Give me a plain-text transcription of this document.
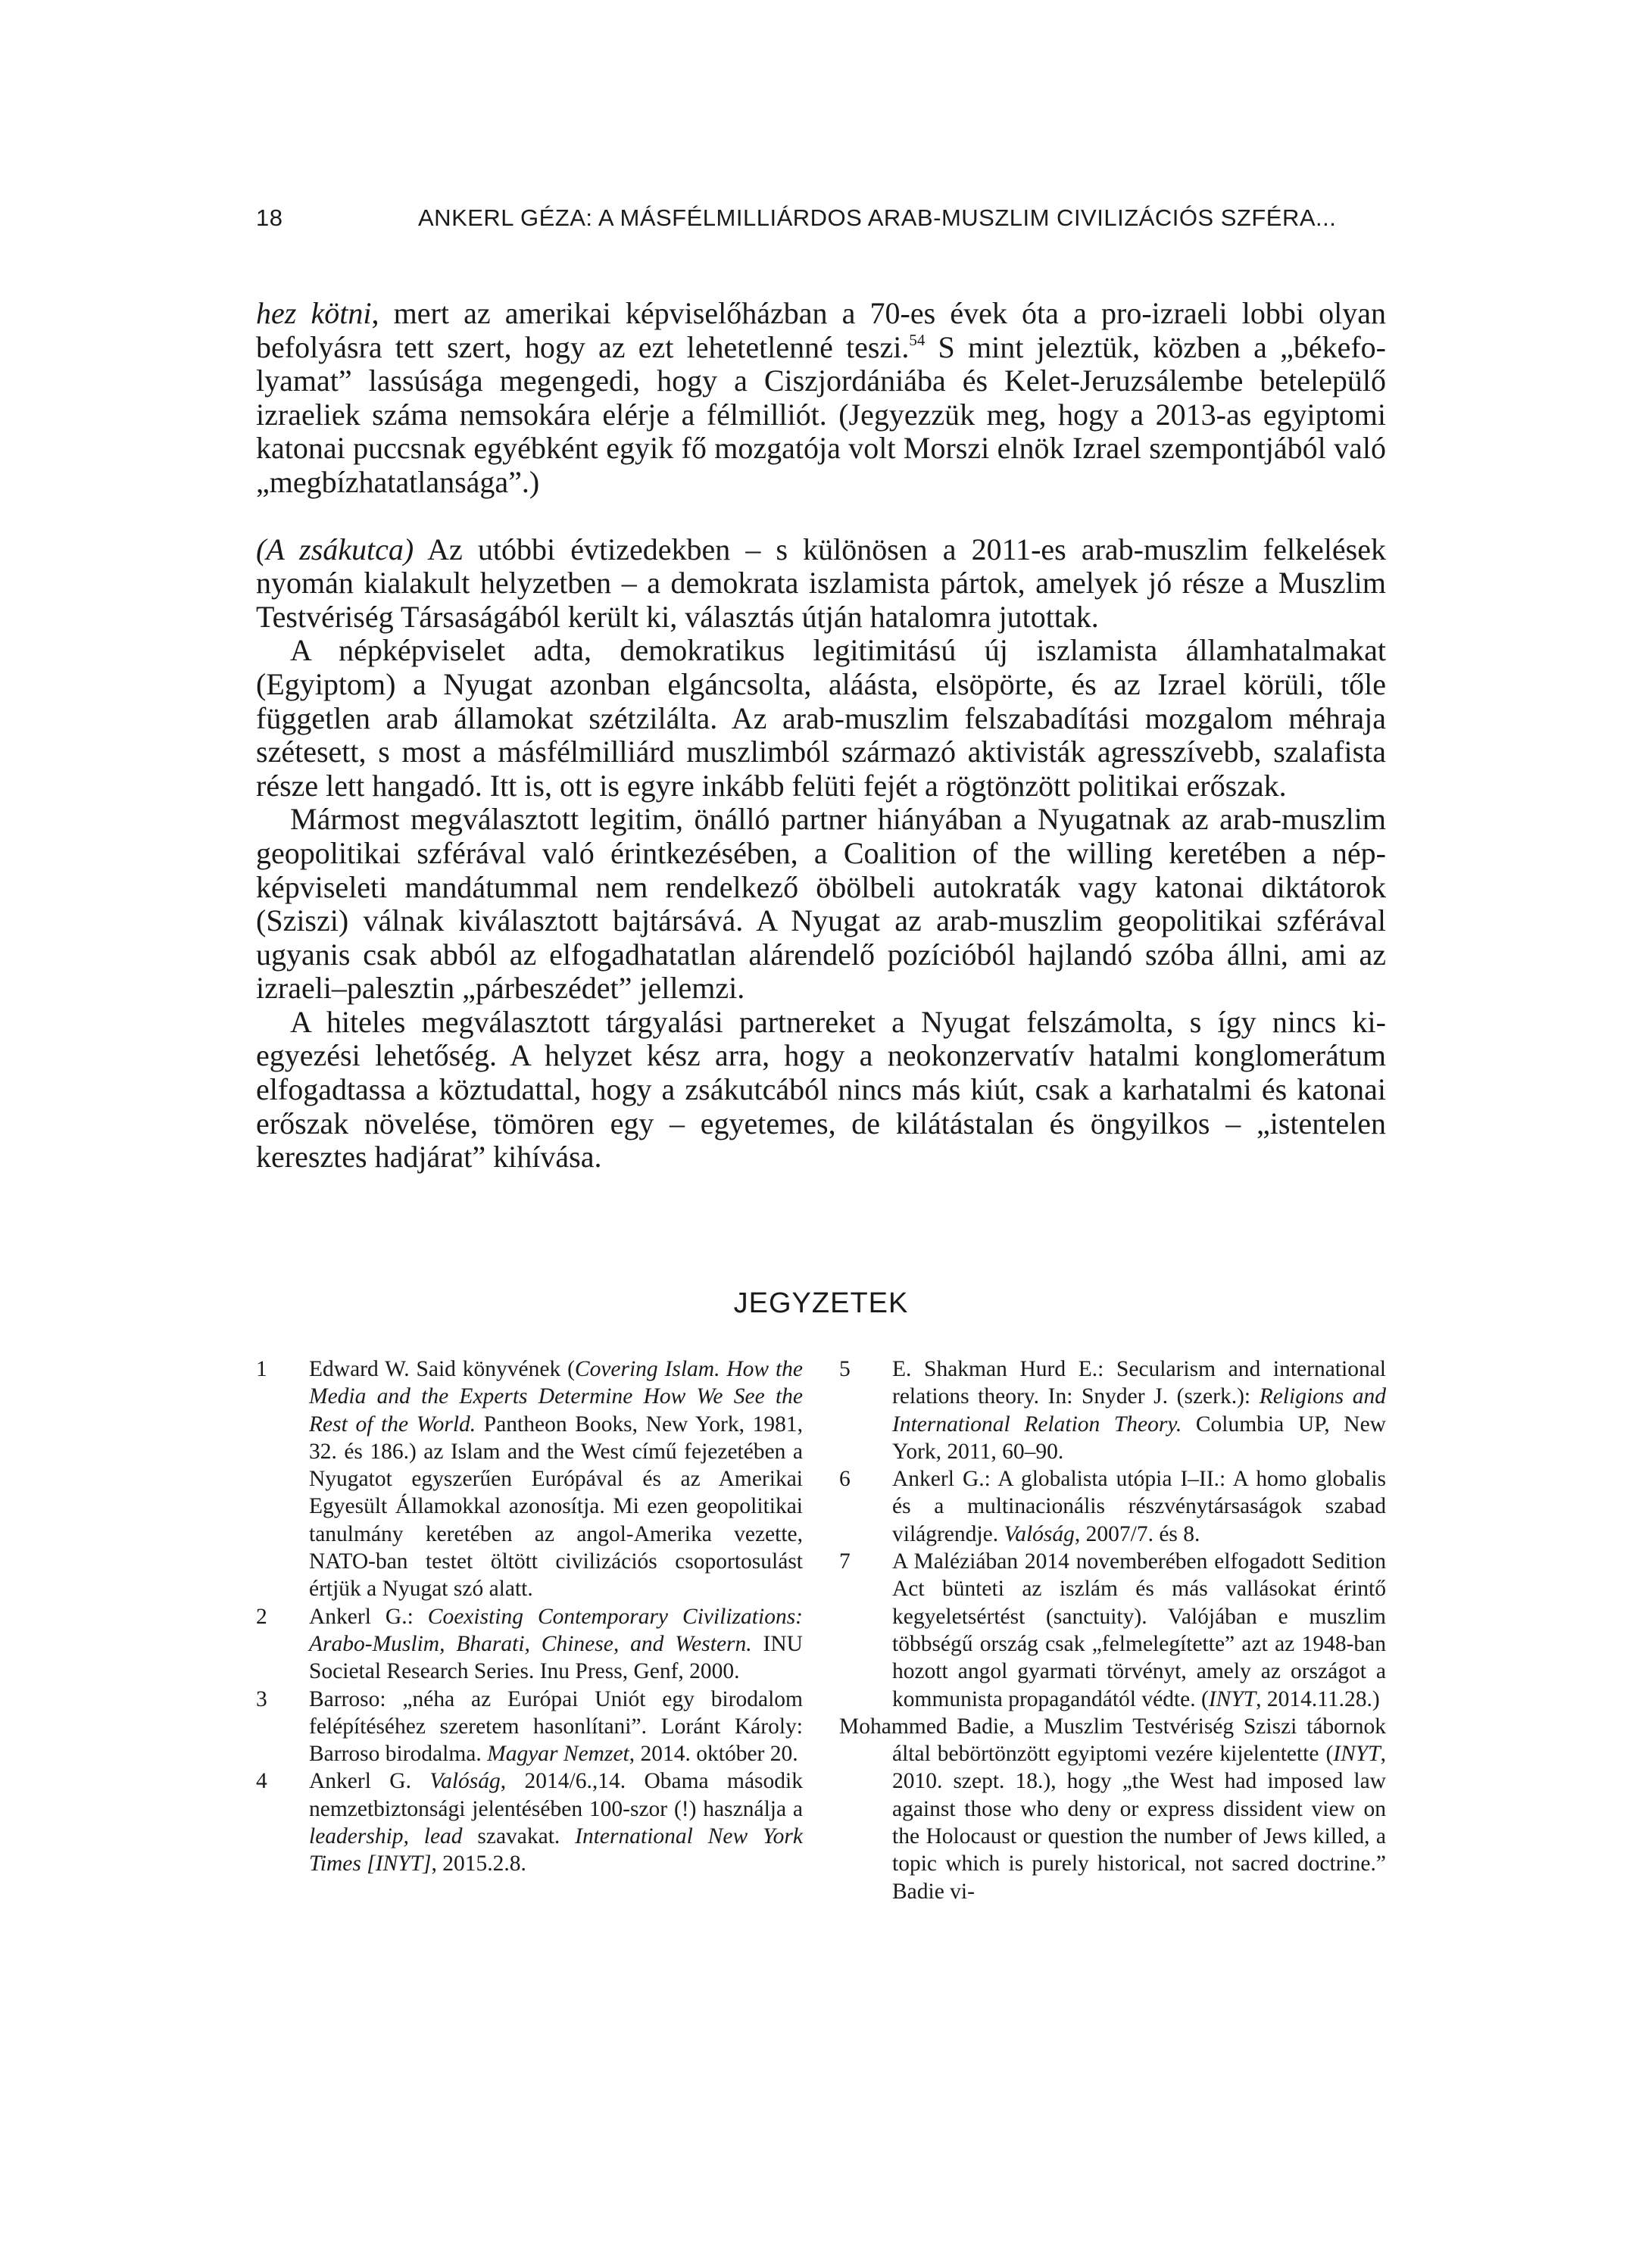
18	ANKERL GÉZA: A MÁSFÉLMILLIÁRDOS ARAB-MUSZLIM CIVILIZÁCIÓS SZFÉRA...

hez kötni, mert az amerikai képviselőházban a 70-es évek óta a pro-izraeli lobbi olyan befolyásra tett szert, hogy az ezt lehetetlenné teszi.$^{54}$ S mint jeleztük, közben a „békefolyamat” lassúsága megengedi, hogy a Ciszjordániába és Kelet-Jeruzsálembe betelepülő izraeliek száma nemsokára elérje a félmilliót. (Jegyezzük meg, hogy a 2013-as egyiptomi katonai puccsnak egyébként egyik fő mozgatója volt Morszi elnök Izrael szempontjából való „megbízhatatlansága”.)

(A zsákutca) Az utóbbi évtizedekben – s különösen a 2011-es arab-muszlim felkelések nyomán kialakult helyzetben – a demokrata iszlamista pártok, amelyek jó része a Muszlim Testvériség Társaságából került ki, választás útján hatalomra jutottak.

A népképviselet adta, demokratikus legitimitású új iszlamista államhatalmakat (Egyiptom) a Nyugat azonban elgáncsolta, aláásta, elsöpörte, és az Izrael körüli, tőle független arab államokat szétzilálta. Az arab-muszlim felszabadítási mozgalom méhraja szétesett, s most a másfélmilliárd muszlimból származó aktivisták agresszívebb, szalafista része lett hangadó. Itt is, ott is egyre inkább felüti fejét a rögtönzött politikai erőszak.

Mármost megválasztott legitim, önálló partner hiányában a Nyugatnak az arab-muszlim geopolitikai szférával való érintkezésében, a Coalition of the willing keretében a népképviseleti mandátummal nem rendelkező öbölbeli autokraták vagy katonai diktátorok (Sziszi) válnak kiválasztott bajtársává. A Nyugat az arab-muszlim geopolitikai szférával ugyanis csak abból az elfogadhatatlan alárendelő pozícióból hajlandó szóba állni, ami az izraeli–palesztin „párbeszédet” jellemzi.

A hiteles megválasztott tárgyalási partnereket a Nyugat felszámolta, s így nincs kiegyezési lehetőség. A helyzet kész arra, hogy a neokonzervatív hatalmi konglomerátum elfogadtassa a köztudattal, hogy a zsákutcából nincs más kiút, csak a karhatalmi és katonai erőszak növelése, tömören egy – egyetemes, de kilátástalan és öngyilkos – „istentelen keresztes hadjárat” kihívása.

JEGYZETEK

1	Edward W. Said könyvének (Covering Islam. How the Media and the Experts Determine How We See the Rest of the World. Pantheon Books, New York, 1981, 32. és 186.) az Islam and the West című fejezetében a Nyugatot egyszerűen Európával és az Amerikai Egyesült Államokkal azonosítja. Mi ezen geopolitikai tanulmány keretében az angol-Amerika vezette, NATO-ban testet öltött civilizációs csoportosulást értjük a Nyugat szó alatt.

2	Ankerl G.: Coexisting Contemporary Civilizations: Arabo-Muslim, Bharati, Chinese, and Western. INU Societal Research Series. Inu Press, Genf, 2000.

3	Barroso: „néha az Európai Uniót egy birodalom felépítéséhez szeretem hasonlítani”. Loránt Károly: Barroso birodalma. Magyar Nemzet, 2014. október 20.

4	Ankerl G. Valóság, 2014/6.,14. Obama második nemzetbiztonsági jelentésében 100-szor (!) használja a leadership, lead szavakat. International New York Times [INYT], 2015.2.8.

5	E. Shakman Hurd E.: Secularism and international relations theory. In: Snyder J. (szerk.): Religions and International Relation Theory. Columbia UP, New York, 2011, 60–90.

6	Ankerl G.: A globalista utópia I–II.: A homo globalis és a multinacionális részvénytársaságok szabad világrendje. Valóság, 2007/7. és 8.

7	A Maléziában 2014 novemberében elfogadott Sedition Act bünteti az iszlám és más vallásokat érintő kegyeletsértést (sanctuity). Valójában e muszlim többségű ország csak „felmelegítette” azt az 1948-ban hozott angol gyarmati törvényt, amely az országot a kommunista propagandától védte. (INYT, 2014.11.28.)

Mohammed Badie, a Muszlim Testvériség Sziszi tábornok által bebörtönzött egyiptomi vezére kijelentette (INYT, 2010. szept. 18.), hogy „the West had imposed law against those who deny or express dissident view on the Holocaust or question the number of Jews killed, a topic which is purely historical, not sacred doctrine.” Badie vi-
